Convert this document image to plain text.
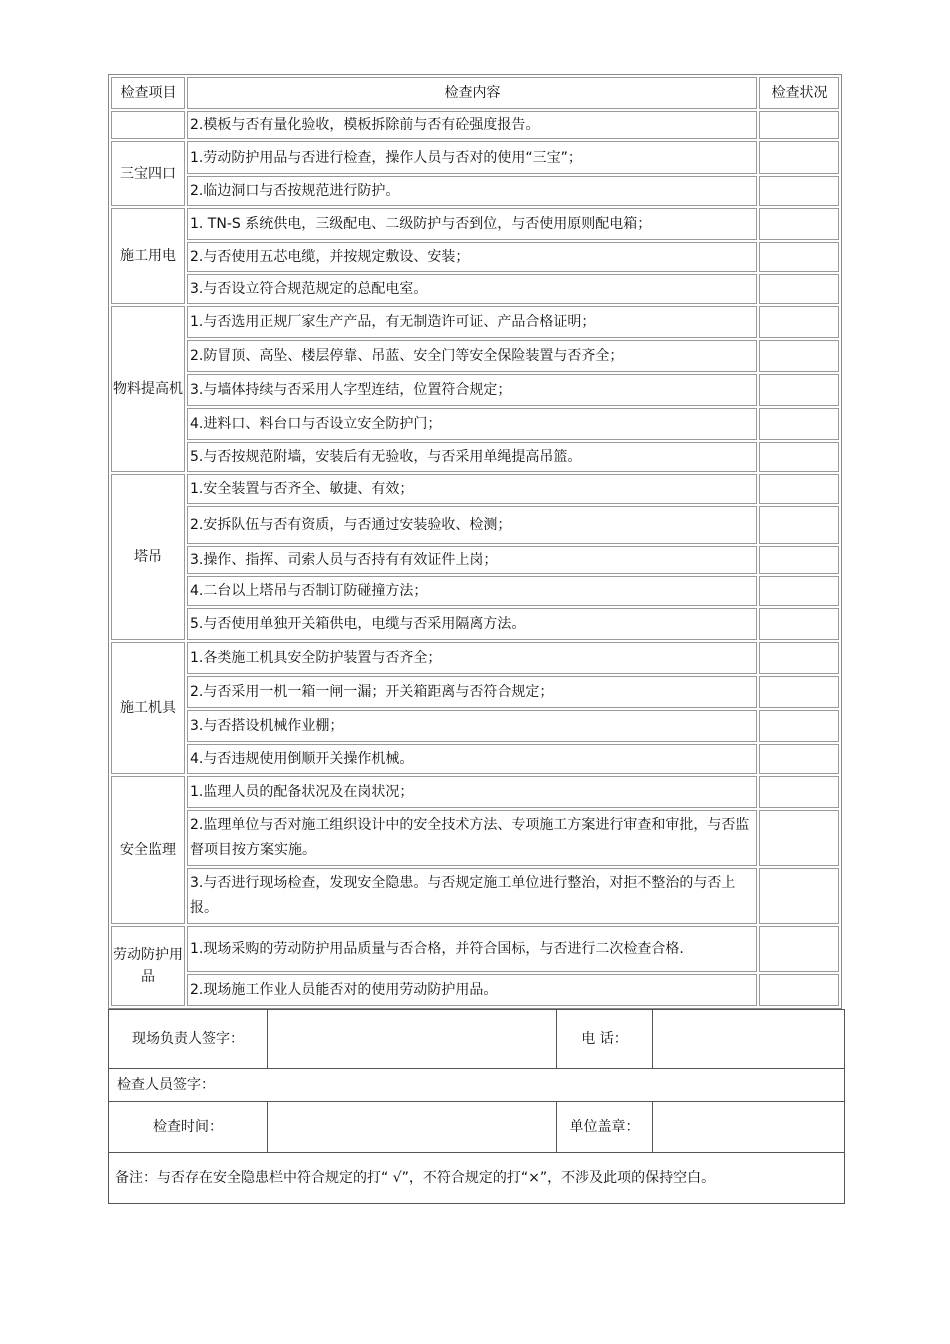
检查项目	检查内容	检查状况
	2.模板与否有量化验收，模板拆除前与否有砼强度报告。	
三宝四口	1.劳动防护用品与否进行检查，操作人员与否对的使用“三宝”；	
	2.临边洞口与否按规范进行防护。	
施工用电	1. TN-S 系统供电，三级配电、二级防护与否到位，与否使用原则配电箱；	
	2.与否使用五芯电缆，并按规定敷设、安装；	
	3.与否设立符合规范规定的总配电室。	
物料提高机	1.与否选用正规厂家生产产品，有无制造许可证、产品合格证明；	
	2.防冒顶、高坠、楼层停靠、吊蓝、安全门等安全保险装置与否齐全；	
	3.与墙体持续与否采用人字型连结，位置符合规定；	
	4.进料口、料台口与否设立安全防护门；	
	5.与否按规范附墙，安装后有无验收，与否采用单绳提高吊篮。	
塔吊	1.安全装置与否齐全、敏捷、有效；	
	2.安拆队伍与否有资质，与否通过安装验收、检测；	
	3.操作、指挥、司索人员与否持有有效证件上岗；	
	4.二台以上塔吊与否制订防碰撞方法；	
	5.与否使用单独开关箱供电，电缆与否采用隔离方法。	
施工机具	1.各类施工机具安全防护装置与否齐全；	
	2.与否采用一机一箱一闸一漏；开关箱距离与否符合规定；	
	3.与否搭设机械作业棚；	
	4.与否违规使用倒顺开关操作机械。	
安全监理	1.监理人员的配备状况及在岗状况；	
	2.监理单位与否对施工组织设计中的安全技术方法、专项施工方案进行审查和审批，与否监督项目按方案实施。	
	3.与否进行现场检查，发现安全隐患。与否规定施工单位进行整治，对拒不整治的与否上报。	
劳动防护用品	1.现场采购的劳动防护用品质量与否合格，并符合国标，与否进行二次检查合格.	
	2.现场施工作业人员能否对的使用劳动防护用品。	
现场负责人签字：		电 话：	
检查人员签字：			
检查时间：		单位盖章：	
备注：与否存在安全隐患栏中符合规定的打“ √”，不符合规定的打“×”，不涉及此项的保持空白。			
